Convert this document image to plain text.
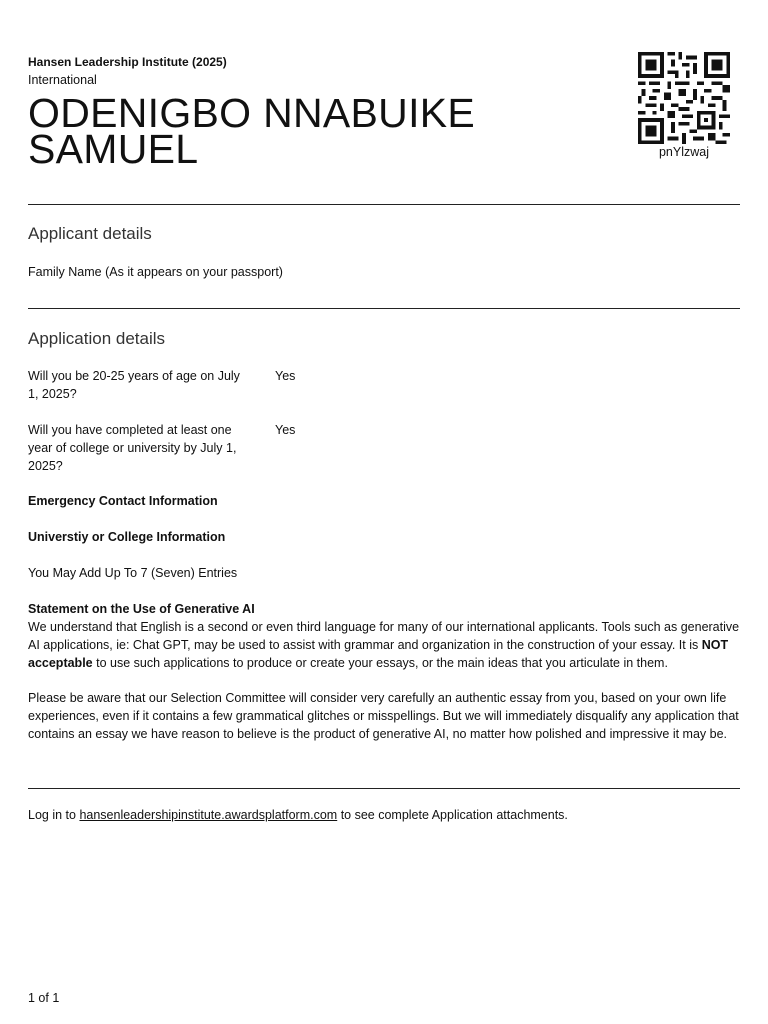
Hansen Leadership Institute (2025)
International
ODENIGBO NNABUIKE
SAMUEL	pnYlzwaj
Applicant details
Family Name (As it appears on your passport)
Application details
Will you be 20-25 years of age on July 1, 2025?
Yes
Will you have completed at least one year of college or university by July 1, 2025?
Yes
Emergency Contact Information
Universtiy or College Information
You May Add Up To 7 (Seven) Entries
Statement on the Use of Generative AI
We understand that English is a second or even third language for many of our international applicants. Tools such as generative AI applications, ie: Chat GPT, may be used to assist with grammar and organization in the construction of your essay. It is NOT acceptable to use such applications to produce or create your essays, or the main ideas that you articulate in them.
Please be aware that our Selection Committee will consider very carefully an authentic essay from you, based on your own life experiences, even if it contains a few grammatical glitches or misspellings. But we will immediately disqualify any application that contains an essay we have reason to believe is the product of generative AI, no matter how polished and impressive it may be.
Log in to hansenleadershipinstitute.awardsplatform.com to see complete Application attachments.
1 of 1
